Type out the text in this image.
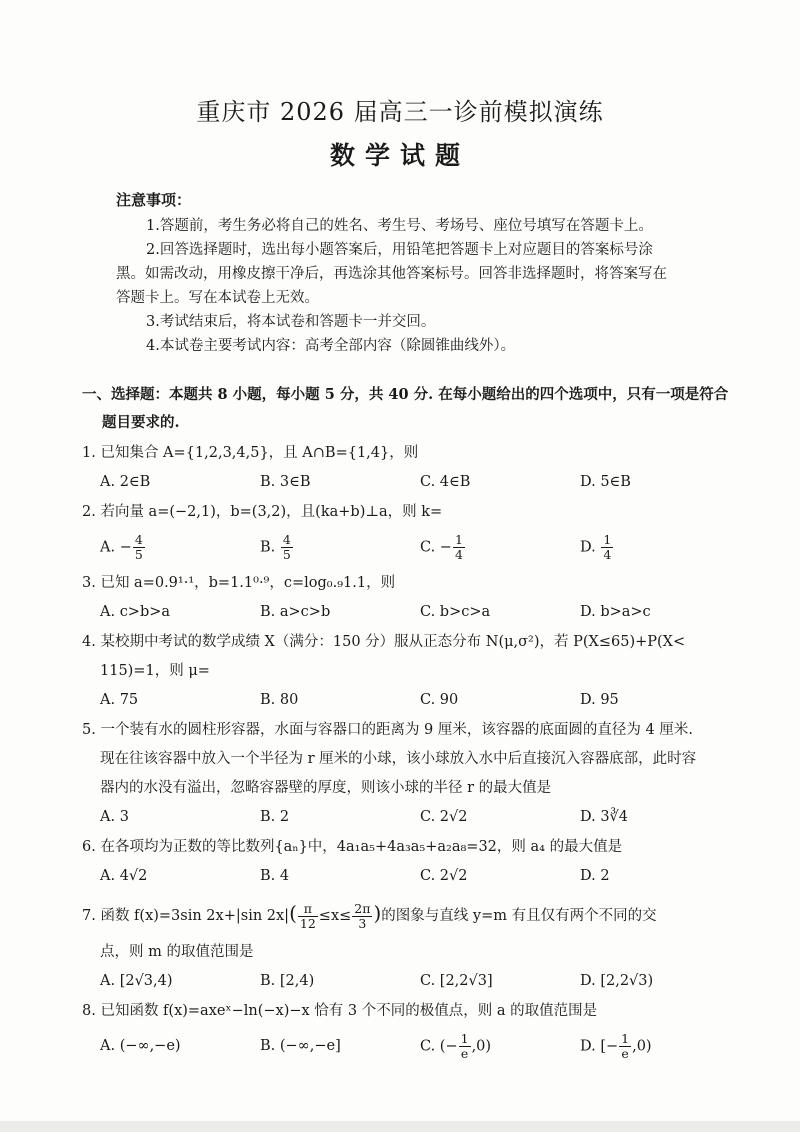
重庆市 2026 届高三一诊前模拟演练
数学试题
注意事项：

1.答题前，考生务必将自己的姓名、考生号、考场号、座位号填写在答题卡上。

2.回答选择题时，选出每小题答案后，用铅笔把答题卡上对应题目的答案标号涂

黑。如需改动，用橡皮擦干净后，再选涂其他答案标号。回答非选择题时，将答案写在

答题卡上。写在本试卷上无效。

3.考试结束后，将本试卷和答题卡一并交回。

4.本试卷主要考试内容：高考全部内容（除圆锥曲线外）。

一、选择题：本题共 8 小题，每小题 5 分，共 40 分. 在每小题给出的四个选项中，只有一项是符合
题目要求的.
1. 已知集合 A={1,2,3,4,5}，且 A∩B={1,4}，则
A. 2∈B	B. 3∈B	C. 4∈B	D. 5∈B
2. 若向量 a=(−2,1)，b=(3,2)，且(ka+b)⊥a，则 k=
A. − $\frac{4}{5}$	B. $\frac{4}{5}$	C. − $\frac{1}{4}$	D. $\frac{1}{4}$
3. 已知 a=0.9¹·¹，b=1.1⁰·⁹，c=log₀.₉1.1，则
A. c>b>a	B. a>c>b	C. b>c>a	D. b>a>c
4. 某校期中考试的数学成绩 X（满分：150 分）服从正态分布 N(μ,σ²)，若 P(X≤65)+P(X<
115)=1，则 μ=
A. 75	B. 80	C. 90	D. 95
5. 一个装有水的圆柱形容器，水面与容器口的距离为 9 厘米，该容器的底面圆的直径为 4 厘米.
现在往该容器中放入一个半径为 r 厘米的小球，该小球放入水中后直接沉入容器底部，此时容
器内的水没有溢出，忽略容器壁的厚度，则该小球的半径 r 的最大值是
A. 3	B. 2	C. 2√2	D. 3∛4
6. 在各项均为正数的等比数列{aₙ}中，4a₁a₅+4a₃a₅+a₂a₈=32，则 a₄ 的最大值是
A. 4√2	B. 4	C. 2√2	D. 2
7. 函数 f(x)=3sin 2x+|sin $2x|( \frac{\pi}{12} \le x\le \frac{2\pi}{3}$ )的图象与直线 y=m 有且仅有两个不同的交
点，则 m 的取值范围是
A. [2√3,4)	B. [2,4)	C. [2,2√3]	D. [2,2√3)
8. 已知函数 f(x)=axeˣ−ln(−x)−x 恰有 3 个不同的极值点，则 a 的取值范围是
A. (−∞,−e)	B. (−∞,−e]	C. (− $\frac{1}{e} ,0$)	D. [− $\frac{1}{e} ,0$)
